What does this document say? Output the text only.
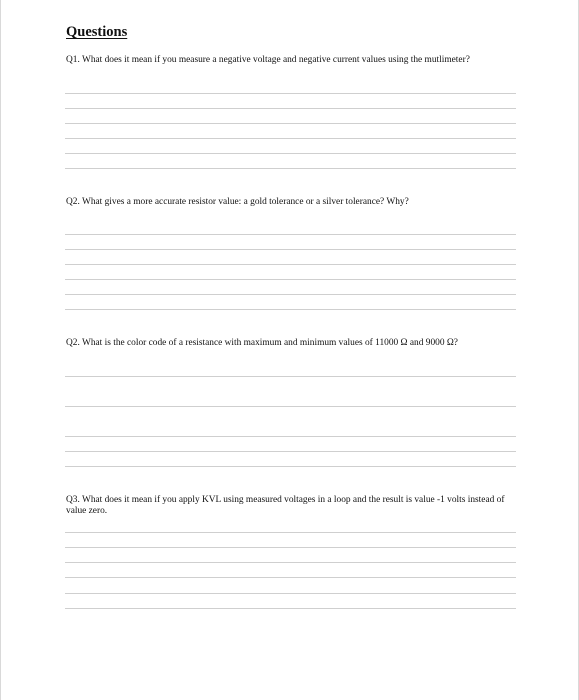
Questions
Q1. What does it mean if you measure a negative voltage and negative current values using the mutlimeter?
Q2. What gives a more accurate resistor value: a gold tolerance or a silver tolerance? Why?
Q2. What is the color code of a resistance with maximum and minimum values of 11000 Ω and 9000 Ω?
Q3. What does it mean if you apply KVL using measured voltages in a loop and the result is value -1 volts instead of value zero.
